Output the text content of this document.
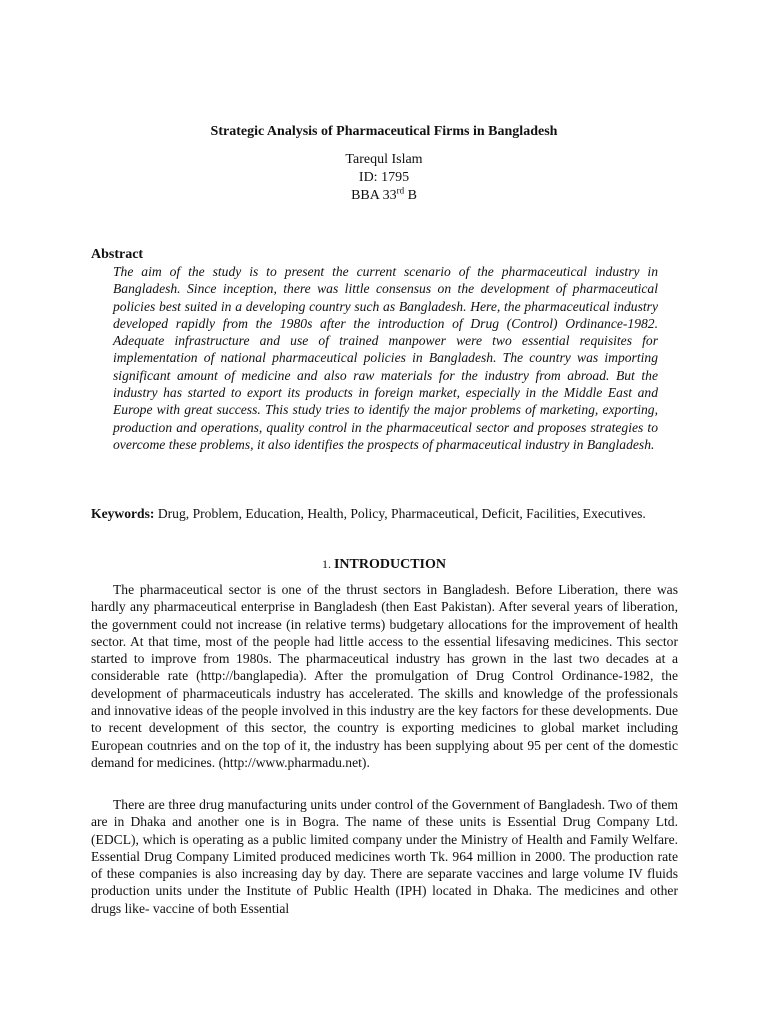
Strategic Analysis of Pharmaceutical Firms in Bangladesh

Tarequl Islam

ID: 1795

BBA 33rd B

Abstract

The aim of the study is to present the current scenario of the pharmaceutical industry in Bangladesh. Since inception, there was little consensus on the development of pharmaceutical policies best suited in a developing country such as Bangladesh. Here, the pharmaceutical industry developed rapidly from the 1980s after the introduction of Drug (Control) Ordinance-1982. Adequate infrastructure and use of trained manpower were two essential requisites for implementation of national pharmaceutical policies in Bangladesh. The country was importing significant amount of medicine and also raw materials for the industry from abroad. But the industry has started to export its products in foreign market, especially in the Middle East and Europe with great success. This study tries to identify the major problems of marketing, exporting, production and operations, quality control in the pharmaceutical sector and proposes strategies to overcome these problems, it also identifies the prospects of pharmaceutical industry in Bangladesh.

Keywords: Drug, Problem, Education, Health, Policy, Pharmaceutical, Deficit, Facilities, Executives.

1. INTRODUCTION

The pharmaceutical sector is one of the thrust sectors in Bangladesh. Before Liberation, there was hardly any pharmaceutical enterprise in Bangladesh (then East Pakistan). After several years of liberation, the government could not increase (in relative terms) budgetary allocations for the improvement of health sector. At that time, most of the people had little access to the essential lifesaving medicines. This sector started to improve from 1980s. The pharmaceutical industry has grown in the last two decades at a considerable rate (http://banglapedia). After the promulgation of Drug Control Ordinance-1982, the development of pharmaceuticals industry has accelerated. The skills and knowledge of the professionals and innovative ideas of the people involved in this industry are the key factors for these developments. Due to recent development of this sector, the country is exporting medicines to global market including European coutnries and on the top of it, the industry has been supplying about 95 per cent of the domestic demand for medicines. (http://www.pharmadu.net).

There are three drug manufacturing units under control of the Government of Bangladesh. Two of them are in Dhaka and another one is in Bogra. The name of these units is Essential Drug Company Ltd. (EDCL), which is operating as a public limited company under the Ministry of Health and Family Welfare. Essential Drug Company Limited produced medicines worth Tk. 964 million in 2000. The production rate of these companies is also increasing day by day. There are separate vaccines and large volume IV fluids production units under the Institute of Public Health (IPH) located in Dhaka. The medicines and other drugs like- vaccine of both Essential
